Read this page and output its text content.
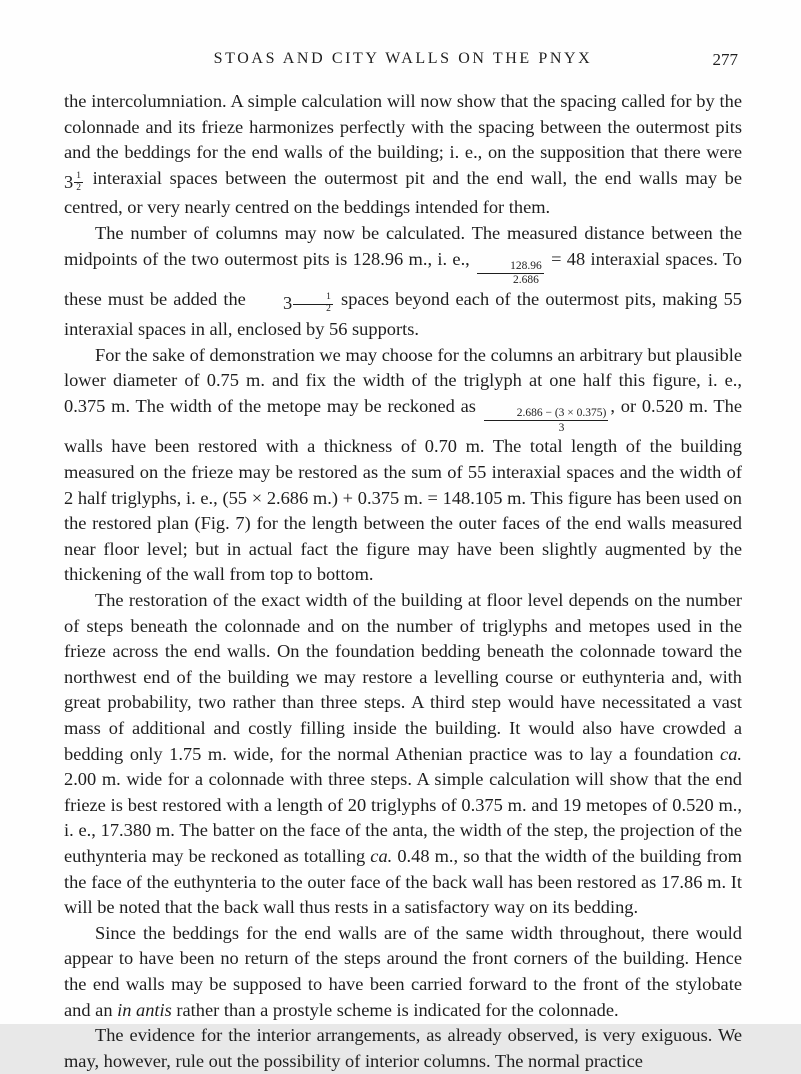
STOAS AND CITY WALLS ON THE PNYX	277

the intercolumniation. A simple calculation will now show that the spacing called for by the colonnade and its frieze harmonizes perfectly with the spacing between the outermost pits and the beddings for the end walls of the building; i. e., on the supposition that there were
$3 \frac{1}{2}$ interaxial spaces between the outermost pit and the end wall, the end walls may be centred, or very nearly centred on the beddings intended for them.

The number of columns may now be calculated. The measured distance between the midpoints of the two outermost pits is 128.96 m., i. e.,
$\frac{128.96}{2.686}$
= 48 interaxial spaces. To these must be added the	$3 \frac{1}{2}$ spaces beyond each of the outermost pits, making 55 interaxial spaces in all, enclosed by 56 supports.

For the sake of demonstration we may choose for the columns an arbitrary but plausible lower diameter of 0.75 m. and fix the width of the triglyph at one half this figure, i. e., 0.375 m. The width of the metope may be reckoned as
$\frac{2.686 - (3 \times 0.375)}{3}$
, or 0.520 m. The walls have been restored with a thickness of 0.70 m. The total length of the building measured on the frieze may be restored as the sum of 55 interaxial spaces and the width of 2 half triglyphs, i. e., (55 × 2.686 m.) + 0.375 m. = 148.105 m. This figure has been used on the restored plan (Fig. 7) for the length between the outer faces of the end walls measured near floor level; but in actual fact the figure may have been slightly augmented by the thickening of the wall from top to bottom.

The restoration of the exact width of the building at floor level depends on the number of steps beneath the colonnade and on the number of triglyphs and metopes used in the frieze across the end walls. On the foundation bedding beneath the colonnade toward the northwest end of the building we may restore a levelling course or euthynteria and, with great probability, two rather than three steps. A third step would have necessitated a vast mass of additional and costly filling inside the building. It would also have crowded a bedding only 1.75 m. wide, for the normal Athenian practice was to lay a foundation ca. 2.00 m. wide for a colonnade with three steps. A simple calculation will show that the end frieze is best restored with a length of 20 triglyphs of 0.375 m. and 19 metopes of 0.520 m., i. e., 17.380 m. The batter on the face of the anta, the width of the step, the projection of the euthynteria may be reckoned as totalling ca. 0.48 m., so that the width of the building from the face of the euthynteria to the outer face of the back wall has been restored as 17.86 m. It will be noted that the back wall thus rests in a satisfactory way on its bedding.

Since the beddings for the end walls are of the same width throughout, there would appear to have been no return of the steps around the front corners of the building. Hence the end walls may be supposed to have been carried forward to the front of the stylobate and an in antis rather than a prostyle scheme is indicated for the colonnade.

The evidence for the interior arrangements, as already observed, is very exiguous. We may, however, rule out the possibility of interior columns. The normal practice
